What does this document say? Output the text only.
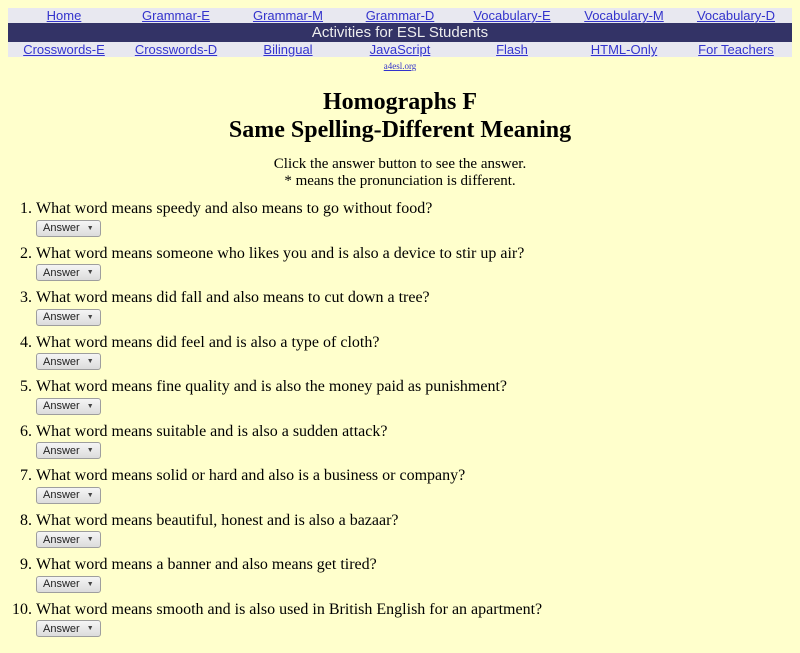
Home	Grammar-E	Grammar-M	Grammar-D	Vocabulary-E	Vocabulary-M	Vocabulary-D
Activities for ESL Students
Crosswords-E	Crosswords-D	Bilingual	JavaScript	Flash	HTML-Only	For Teachers
a4esl.org
Homographs F
Same Spelling-Different Meaning
Click the answer button to see the answer.
* means the pronunciation is different.
1. What word means speedy and also means to go without food?
Answer ▼
2. What word means someone who likes you and is also a device to stir up air?
Answer ▼
3. What word means did fall and also means to cut down a tree?
Answer ▼
4. What word means did feel and is also a type of cloth?
Answer ▼
5. What word means fine quality and is also the money paid as punishment?
Answer ▼
6. What word means suitable and is also a sudden attack?
Answer ▼
7. What word means solid or hard and also is a business or company?
Answer ▼
8. What word means beautiful, honest and is also a bazaar?
Answer ▼
9. What word means a banner and also means get tired?
Answer ▼
10. What word means smooth and is also used in British English for an apartment?
Answer ▼
